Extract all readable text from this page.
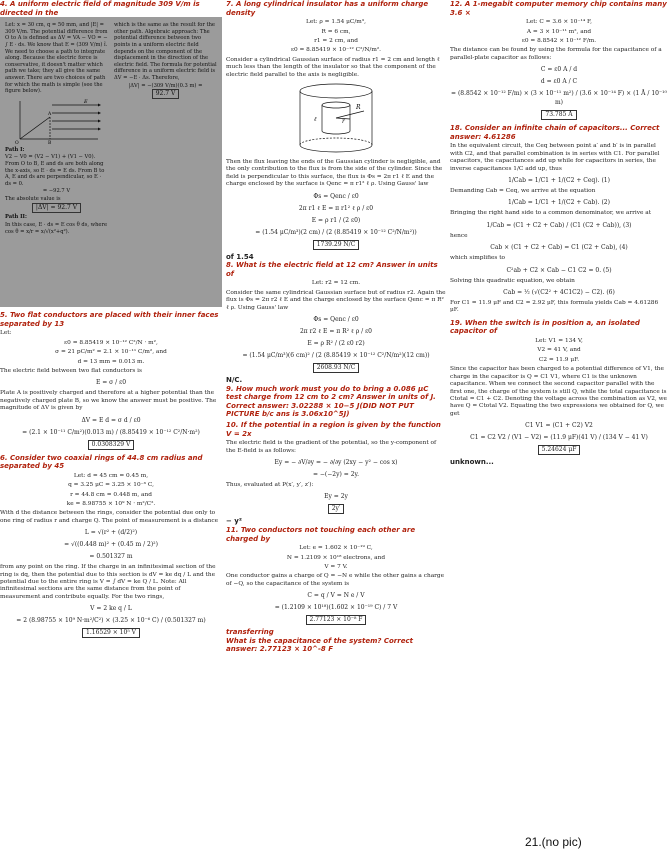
4. A uniform electric field of magnitude 309 V/m is directed in the

Let: x = 30 cm, q = 50 mm, and |E| = 309 V/m. The potential difference from O to A is defined as ΔV = VA − VO = − ∫ E · ds. We know that E = (309 V/m) î. We need to choose a path to integrate along. Because the electric force is conservative, it doesn't matter which path we take; they all give the same answer. There are two choices of path for which the math is simple (see the figure below).

E
A
O	B

Path I:

V2 − V0 = (V2 − V1) + (V1 − V0). From O to B, E and ds are both along the x-axis, so E · ds = E ds. From B to A, E and ds are perpendicular, so E · ds = 0.

= −92.7 V

The absolute value is

|ΔV| = 92.7 V

Path II:

In this case, E · ds = E cos θ ds, where cos θ = x/r = x/√(x²+q²).

which is the same as the result for the other path. Algebraic approach: The potential difference between two points in a uniform electric field depends on the component of the displacement in the direction of the electric field. The formula for potential difference in a uniform electric field is ΔV = −E · Δs. Therefore,

|ΔV| = −(309 V/m)(0.3 m) = 92.7 V

5. Two flat conductors are placed with their inner faces separated by 13

Let:

ε0 = 8.85419 × 10⁻¹² C²/N · m²,

σ = 21 pC/m² = 2.1 × 10⁻¹¹ C/m², and

d = 13 mm = 0.013 m.

The electric field between two flat conductors is

E = σ / ε0

Plate A is positively charged and therefore at a higher potential than the negatively charged plate B, so we know the answer must be positive. The magnitude of ΔV is given by

ΔV = E d = σ d / ε0

= (2.1 × 10⁻¹¹ C/m²)(0.013 m) / (8.85419 × 10⁻¹² C²/N·m²)

0.0308329 V

6. Consider two coaxial rings of 44.8 cm radius and separated by 45

Let: d = 45 cm = 0.45 m,

q = 3.25 μC = 3.25 × 10⁻⁶ C,

r = 44.8 cm = 0.448 m, and

ke = 8.98755 × 10⁹ N · m²/C².

With d the distance between the rings, consider the potential due only to one ring of radius r and charge Q. The point of measurement is a distance

L = √(r² + (d/2)²)

= √((0.448 m)² + (0.45 m / 2)²)

= 0.501327 m

from any point on the ring. If the charge in an infinitesimal section of the ring is dq, then the potential due to this section is dV = ke dq / L and the potential due to the entire ring is V = ∫ dV = ke Q / L. Note: All infinitesimal sections are the same distance from the point of measurement and contribute equally. For the two rings,

V = 2 ke q / L

= 2 (8.98755 × 10⁹ N·m²/C²) × (3.25 × 10⁻⁶ C) / (0.501327 m)

1.16529 × 10⁵ V

7. A long cylindrical insulator has a uniform charge density

Let: ρ = 1.54 μC/m³,

R = 6 cm,

r1 = 2 cm, and

ε0 = 8.85419 × 10⁻¹² C²/N/m².

Consider a cylindrical Gaussian surface of radius r1 = 2 cm and length ℓ much less than the length of the insulator so that the component of the electric field parallel to the axis is negligible.

R
r
ℓ

Then the flux leaving the ends of the Gaussian cylinder is negligible, and the only contribution to the flux is from the side of the cylinder. Since the field is perpendicular to this surface, the flux is Φs = 2π r1 ℓ E and the charge enclosed by the surface is Qenc = π r1² ℓ ρ. Using Gauss' law

Φs = Qenc / ε0

2π r1 ℓ E = π r1² ℓ ρ / ε0

E = ρ r1 / (2 ε0)

= (1.54 μC/m³)(2 cm) / (2 (8.85419 × 10⁻¹² C²/N/m²))

1739.29 N/C

of 1.54

8. What is the electric field at 12 cm? Answer in units of

Let: r2 = 12 cm.

Consider the same cylindrical Gaussian surface but of radius r2. Again the flux is Φs = 2π r2 ℓ E and the charge enclosed by the surface Qenc = π R² ℓ ρ. Using Gauss' law

Φs = Qenc / ε0

2π r2 ℓ E = π R² ℓ ρ / ε0

E = ρ R² / (2 ε0 r2)

= (1.54 μC/m³)(6 cm)² / (2 (8.85419 × 10⁻¹² C²/N/m²)(12 cm))

2608.93 N/C

N/C.

9. How much work must you do to bring a 0.086 μC test charge from 12 cm to 2 cm? Answer in units of J. Correct answer: 3.02288 × 10−5 J(DID NOT PUT PICTURE b/c ans is 3.06x10^5J)

10. If the potential in a region is given by the function V = 2x

The electric field is the gradient of the potential, so the y-component of the E-field is as follows:

Ey = − ∂V/∂y = − ∂/∂y (2xy − y² − cos x)

= −(−2y) = 2y.

Thus, evaluated at P(x′, y′, z′):

Ey = 2y

2y′

− y²

11. Two conductors not touching each other are charged by

Let: e = 1.602 × 10⁻¹⁹ C,

N = 1.2109 × 10¹⁸ electrons, and

V = 7 V.

One conductor gains a charge of Q = −N e while the other gains a charge of −Q, so the capacitance of the system is

C = q / V = N e / V

= (1.2109 × 10¹⁸)(1.602 × 10⁻¹⁹ C) / 7 V

2.77123 × 10⁻⁸ F

transferring

What is the capacitance of the system? Correct answer: 2.77123 × 10^-8 F

12. A 1-megabit computer memory chip contains many 3.6 ×

Let: C = 3.6 × 10⁻¹⁴ F,

A = 3 × 10⁻¹¹ m², and

ε0 = 8.8542 × 10⁻¹² F/m.

The distance can be found by using the formula for the capacitance of a parallel-plate capacitor as follows:

C = ε0 A / d

d = ε0 A / C

= (8.8542 × 10⁻¹² F/m) × (3 × 10⁻¹¹ m²) / (3.6 × 10⁻¹⁴ F) × (1 Å / 10⁻¹⁰ m)

73.785 Å

18. Consider an infinite chain of capacitors... Correct answer: 4.61286

In the equivalent circuit, the Ceq between point a′ and b′ is in parallel with C2, and that parallel combination is in series with C1. For parallel capacitors, the capacitances add up while for capacitors in series, the inverse capacitances 1/C add up, thus

1/Cab = 1/C1 + 1/(C2 + Ceq). (1)

Demanding Cab = Ceq, we arrive at the equation

1/Cab = 1/C1 + 1/(C2 + Cab). (2)

Bringing the right hand side to a common denominator, we arrive at

1/Cab = (C1 + C2 + Cab) / (C1 (C2 + Cab)), (3)

hence

Cab × (C1 + C2 + Cab) = C1 (C2 + Cab), (4)

which simplifies to

C²ab + C2 × Cab − C1 C2 = 0. (5)

Solving this quadratic equation, we obtain

Cab = ½ (√(C2² + 4C1C2) − C2). (6)

For C1 = 11.9 μF and C2 = 2.92 μF, this formula yields Cab = 4.61286 μF.

19. When the switch is in position a, an isolated capacitor of

Let: V1 = 134 V,

V2 = 41 V, and

C2 = 11.9 μF.

Since the capacitor has been charged to a potential difference of V1, the charge in the capacitor is Q = C1 V1, where C1 is the unknown capacitance. When we connect the second capacitor parallel with the first one, the charge of the system is still Q, while the total capacitance is Ctotal = C1 + C2. Denoting the voltage across the combination as V2, we have Q = Ctotal V2. Equating the two expressions we obtained for Q, we get

C1 V1 = (C1 + C2) V2

C1 = C2 V2 / (V1 − V2) = (11.9 μF)(41 V) / (134 V − 41 V)

5.24624 μF

unknown...

21.(no pic)
